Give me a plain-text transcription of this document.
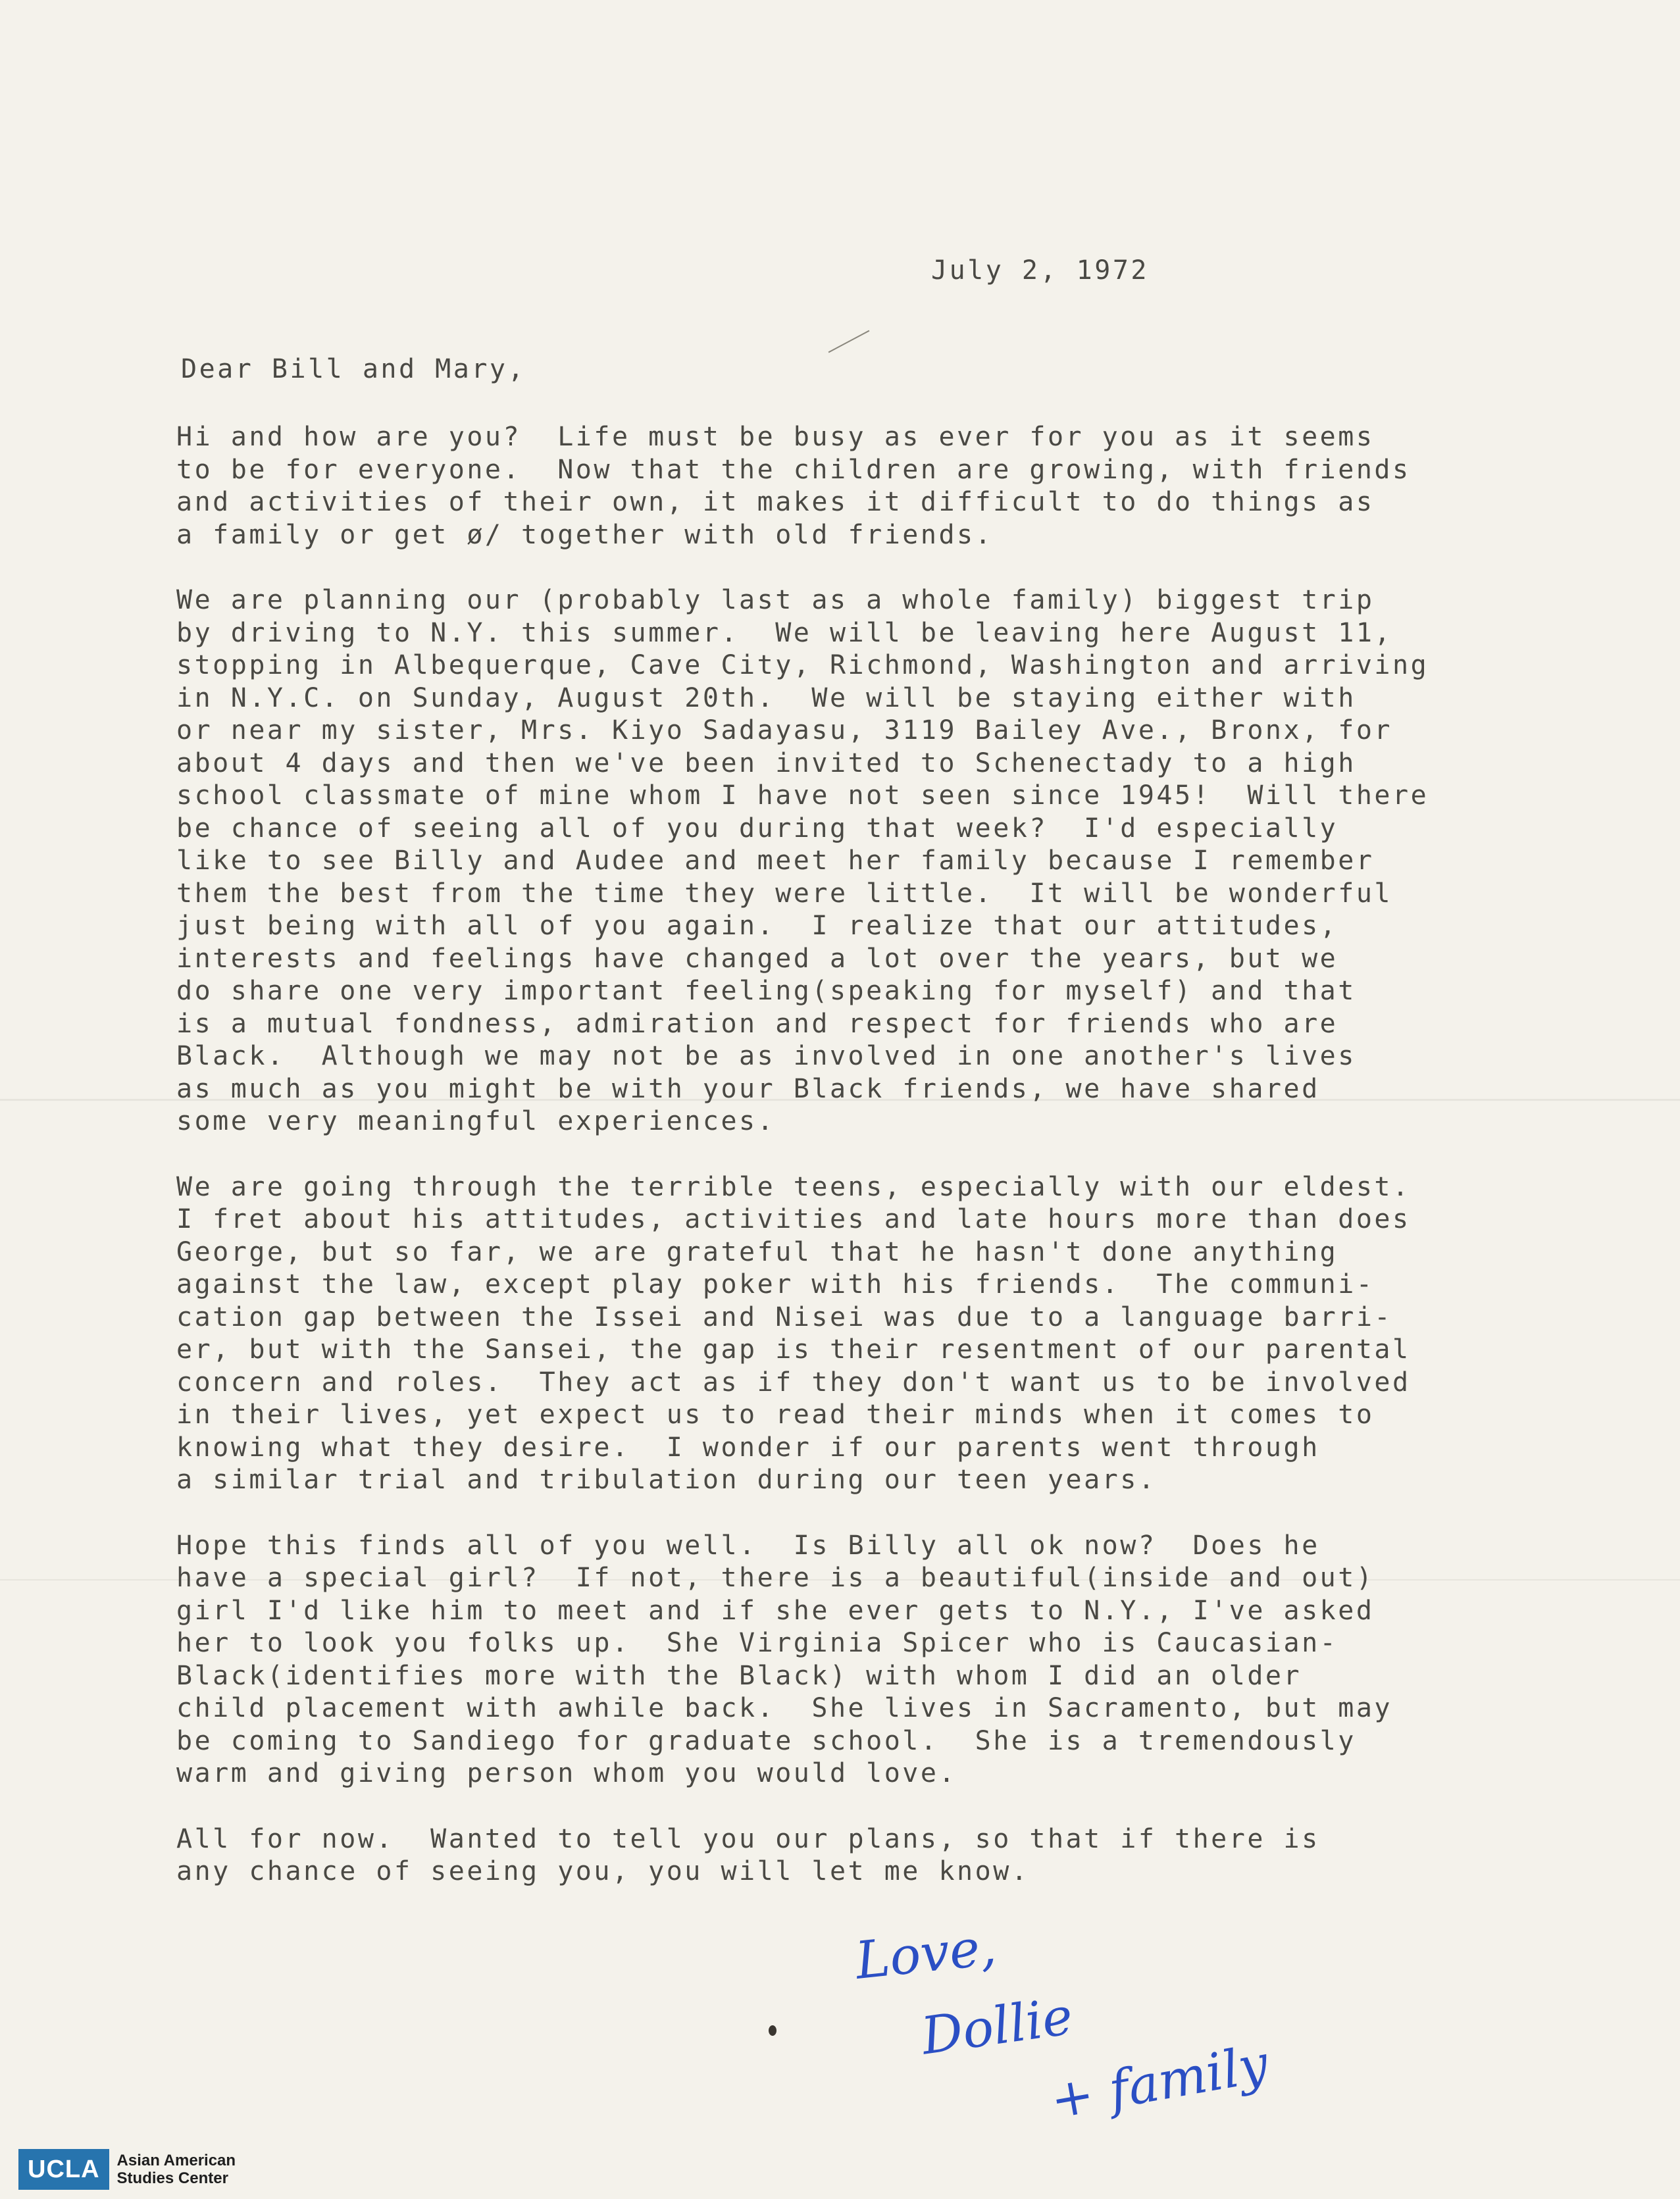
July 2, 1972
Dear Bill and Mary,
Hi and how are you?  Life must be busy as ever for you as it seems
to be for everyone.  Now that the children are growing, with friends
and activities of their own, it makes it difficult to do things as
a family or get ø/ together with old friends.
We are planning our (probably last as a whole family) biggest trip
by driving to N.Y. this summer.  We will be leaving here August 11,
stopping in Albequerque, Cave City, Richmond, Washington and arriving
in N.Y.C. on Sunday, August 20th.  We will be staying either with
or near my sister, Mrs. Kiyo Sadayasu, 3119 Bailey Ave., Bronx, for
about 4 days and then we've been invited to Schenectady to a high
school classmate of mine whom I have not seen since 1945!  Will there
be chance of seeing all of you during that week?  I'd especially
like to see Billy and Audee and meet her family because I remember
them the best from the time they were little.  It will be wonderful
just being with all of you again.  I realize that our attitudes,
interests and feelings have changed a lot over the years, but we
do share one very important feeling(speaking for myself) and that
is a mutual fondness, admiration and respect for friends who are
Black.  Although we may not be as involved in one another's lives
as much as you might be with your Black friends, we have shared
some very meaningful experiences.
We are going through the terrible teens, especially with our eldest.
I fret about his attitudes, activities and late hours more than does
George, but so far, we are grateful that he hasn't done anything
against the law, except play poker with his friends.  The communi-
cation gap between the Issei and Nisei was due to a language barri-
er, but with the Sansei, the gap is their resentment of our parental
concern and roles.  They act as if they don't want us to be involved
in their lives, yet expect us to read their minds when it comes to
knowing what they desire.  I wonder if our parents went through
a similar trial and tribulation during our teen years.
Hope this finds all of you well.  Is Billy all ok now?  Does he
have a special girl?  If not, there is a beautiful(inside and out)
girl I'd like him to meet and if she ever gets to N.Y., I've asked
her to look you folks up.  She Virginia Spicer who is Caucasian-
Black(identifies more with the Black) with whom I did an older
child placement with awhile back.  She lives in Sacramento, but may
be coming to Sandiego for graduate school.  She is a tremendously
warm and giving person whom you would love.
All for now.  Wanted to tell you our plans, so that if there is
any chance of seeing you, you will let me know.
Love,
Dollie
+ family
UCLA	Asian American
Studies Center
